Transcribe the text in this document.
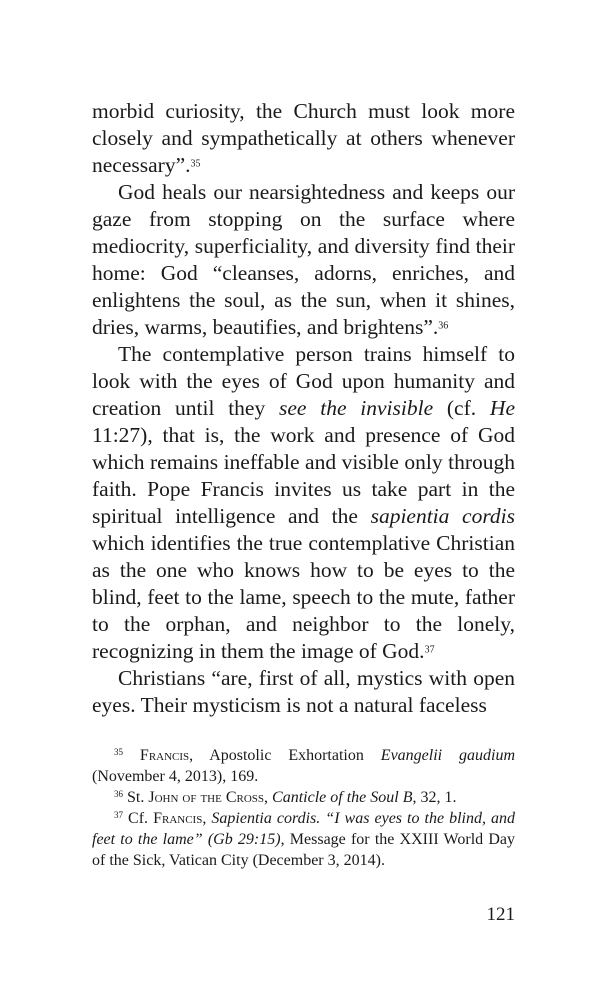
morbid curiosity, the Church must look more closely and sympathetically at others whenever necessary”.$^{35}$

God heals our nearsightedness and keeps our gaze from stopping on the surface where mediocrity, superficiality, and diversity find their home: God “cleanses, adorns, enriches, and enlightens the soul, as the sun, when it shines, dries, warms, beautifies, and brightens”.$^{36}$

The contemplative person trains himself to look with the eyes of God upon humanity and creation until they see the invisible (cf. He 11:27), that is, the work and presence of God which remains ineffable and visible only through faith. Pope Francis invites us take part in the spiritual intelligence and the sapientia cordis which identifies the true contemplative Christian as the one who knows how to be eyes to the blind, feet to the lame, speech to the mute, father to the orphan, and neighbor to the lonely, recognizing in them the image of God.$^{37}$

Christians “are, first of all, mystics with open eyes. Their mysticism is not a natural faceless

$^{35}$ Francis, Apostolic Exhortation Evangelii gaudium (November 4, 2013), 169.

$^{36}$ St. John of the Cross, Canticle of the Soul B, 32, 1.

$^{37}$ Cf. Francis, Sapientia cordis. “I was eyes to the blind, and feet to the lame” (Gb 29:15), Message for the XXIII World Day of the Sick, Vatican City (December 3, 2014).

121
